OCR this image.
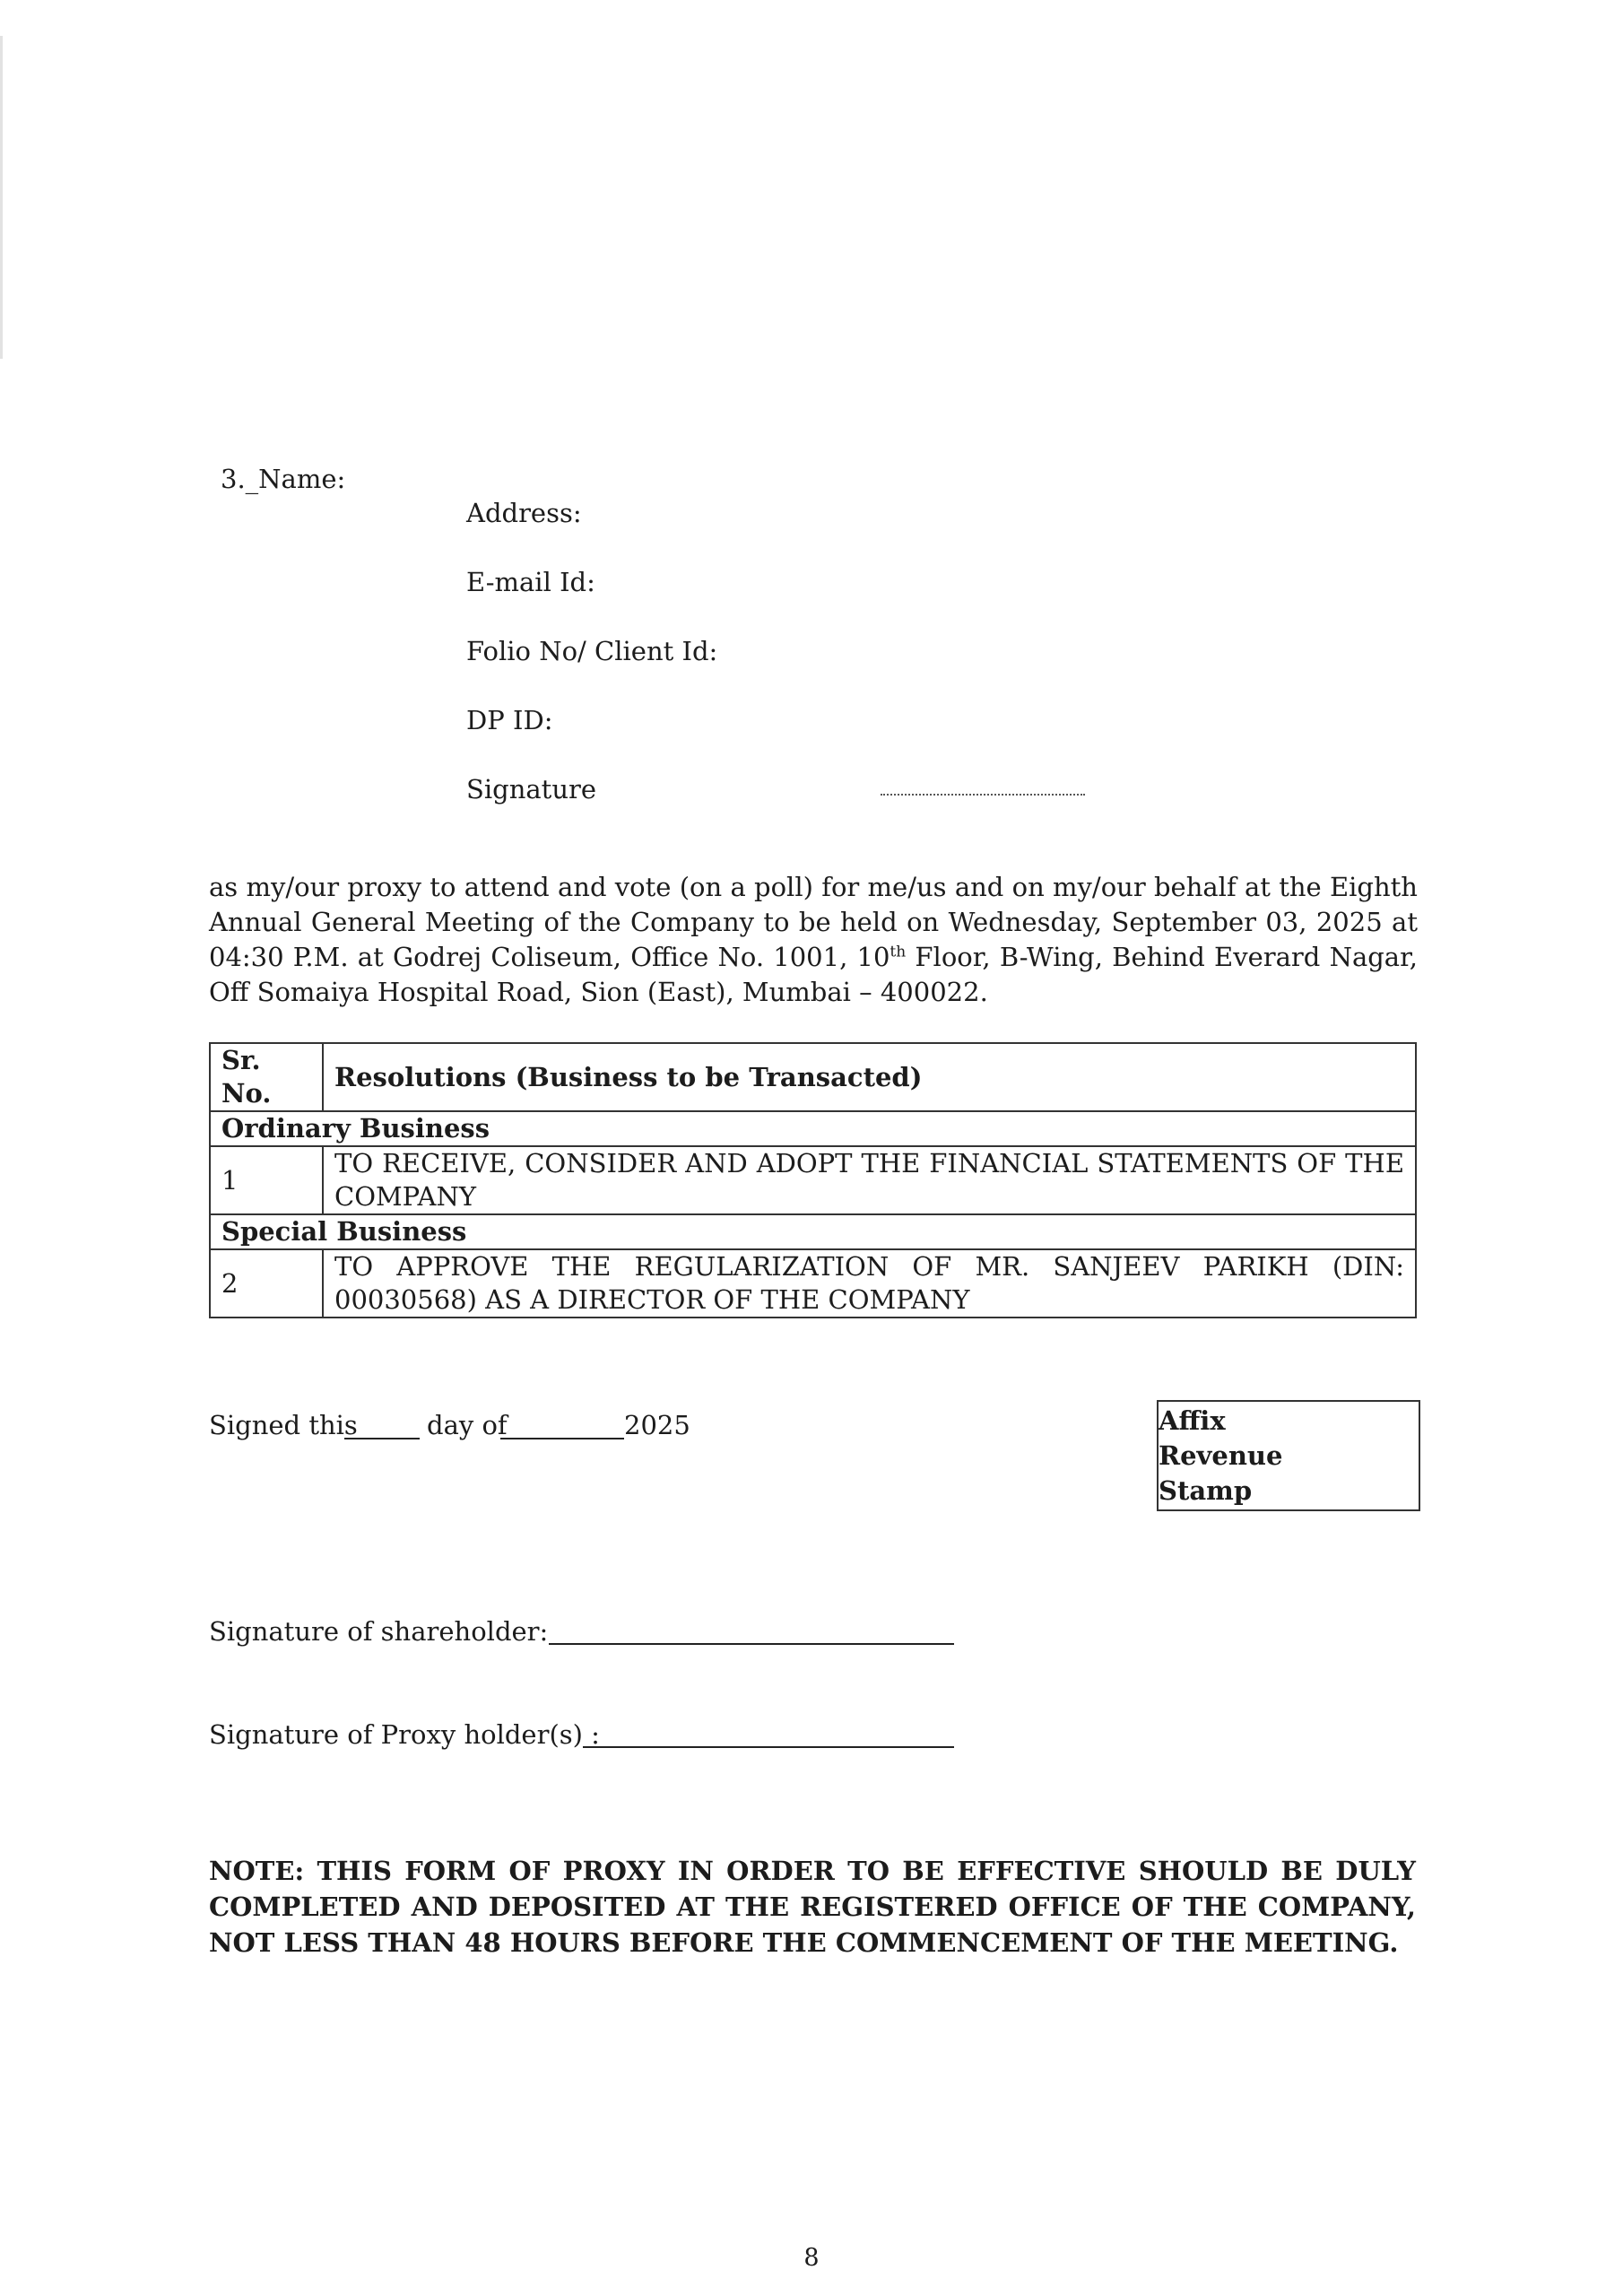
3._Name:
Address:
E-mail Id:
Folio No/ Client Id:
DP ID:
Signature
as my/our proxy to attend and vote (on a poll) for me/us and on my/our behalf at the Eighth Annual General Meeting of the Company to be held on Wednesday, September 03, 2025 at 04:30 P.M. at Godrej Coliseum, Office No. 1001, 10th Floor, B-Wing, Behind Everard Nagar, Off Somaiya Hospital Road, Sion (East), Mumbai – 400022.
Sr. No.	Resolutions (Business to be Transacted)
Ordinary Business	
1	TO RECEIVE, CONSIDER AND ADOPT THE FINANCIAL STATEMENTS OF THE COMPANY
Special Business	
2	TO APPROVE THE REGULARIZATION OF MR. SANJEEV PARIKH (DIN: 00030568) AS A DIRECTOR OF THE COMPANY
Signed this	day of	2025	Affix
Revenue
Stamp
Signature of shareholder:
Signature of Proxy holder(s) :
NOTE: THIS FORM OF PROXY IN ORDER TO BE EFFECTIVE SHOULD BE DULY COMPLETED AND DEPOSITED AT THE REGISTERED OFFICE OF THE COMPANY, NOT LESS THAN 48 HOURS BEFORE THE COMMENCEMENT OF THE MEETING.
8
